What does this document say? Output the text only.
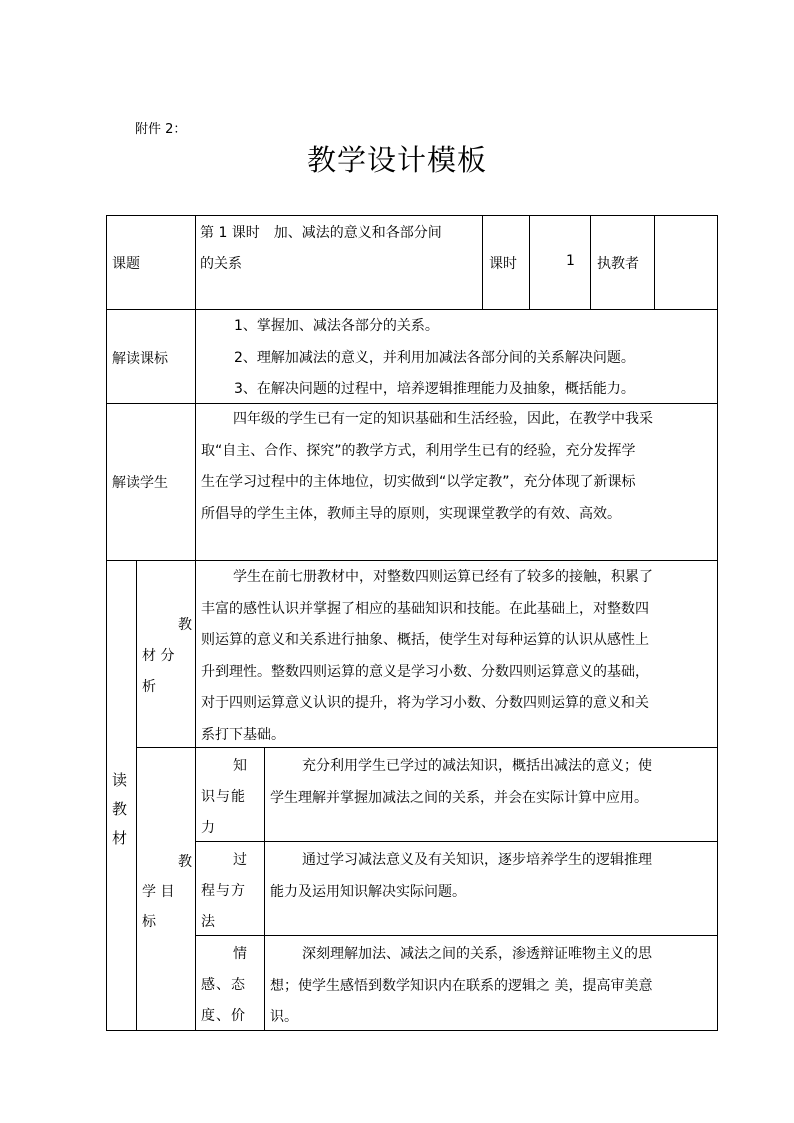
附件 2：
教学设计模板
课题
第 1 课时　加、减法的意义和各部分间
的关系	课时	1 执教者
解读课标
1、掌握加、减法各部分的关系。
2、理解加减法的意义，并利用加减法各部分间的关系解决问题。
3、在解决问题的过程中，培养逻辑推理能力及抽象，概括能力。
解读学生
四年级的学生已有一定的知识基础和生活经验，因此，在教学中我采
取“自主、合作、探究”的教学方式，利用学生已有的经验，充分发挥学
生在学习过程中的主体地位，切实做到“以学定教”，充分体现了新课标
所倡导的学生主体，教师主导的原则，实现课堂教学的有效、高效。
读
教
材
教
材 分
析
学生在前七册教材中，对整数四则运算已经有了较多的接触，积累了
丰富的感性认识并掌握了相应的基础知识和技能。在此基础上，对整数四
则运算的意义和关系进行抽象、概括，使学生对每种运算的认识从感性上
升到理性。整数四则运算的意义是学习小数、分数四则运算意义的基础，
对于四则运算意义认识的提升，将为学习小数、分数四则运算的意义和关
系打下基础。
教
学 目
标
知
识与能
力
充分利用学生已学过的减法知识，概括出减法的意义；使
学生理解并掌握加减法之间的关系，并会在实际计算中应用。
过
程与方
法
通过学习减法意义及有关知识，逐步培养学生的逻辑推理
能力及运用知识解决实际问题。
情
感、态
度、价
深刻理解加法、减法之间的关系，渗透辩证唯物主义的思
想；使学生感悟到数学知识内在联系的逻辑之 美，提高审美意
识。
